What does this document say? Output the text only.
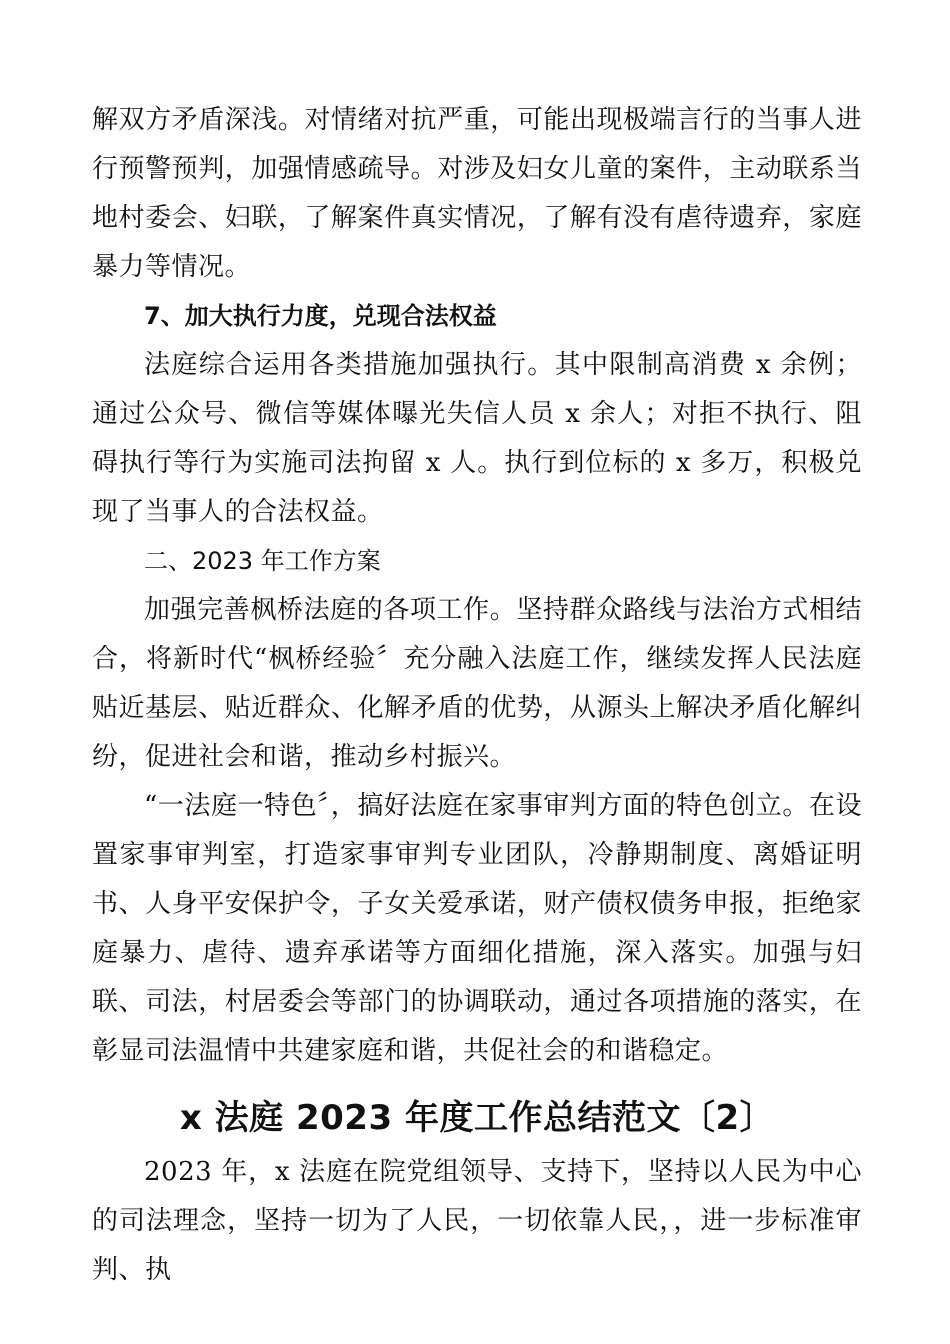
解双方矛盾深浅。对情绪对抗严重，可能出现极端言行的当事人进行预警预判，加强情感疏导。对涉及妇女儿童的案件，主动联系当地村委会、妇联，了解案件真实情况，了解有没有虐待遗弃，家庭暴力等情况。

7、加大执行力度，兑现合法权益

法庭综合运用各类措施加强执行。其中限制高消费 x 余例；通过公众号、微信等媒体曝光失信人员 x 余人；对拒不执行、阻碍执行等行为实施司法拘留 x 人。执行到位标的 x 多万，积极兑现了当事人的合法权益。

二、2023 年工作方案

加强完善枫桥法庭的各项工作。坚持群众路线与法治方式相结合，将新时代“枫桥经验〞充分融入法庭工作，继续发挥人民法庭贴近基层、贴近群众、化解矛盾的优势，从源头上解决矛盾化解纠纷，促进社会和谐，推动乡村振兴。

“一法庭一特色〞，搞好法庭在家事审判方面的特色创立。在设置家事审判室，打造家事审判专业团队，冷静期制度、离婚证明书、人身平安保护令，子女关爱承诺，财产债权债务申报，拒绝家庭暴力、虐待、遗弃承诺等方面细化措施，深入落实。加强与妇联、司法，村居委会等部门的协调联动，通过各项措施的落实，在彰显司法温情中共建家庭和谐，共促社会的和谐稳定。

x 法庭 2023 年度工作总结范文〔2〕

2023 年，x 法庭在院党组领导、支持下，坚持以人民为中心的司法理念，坚持一切为了人民，一切依靠人民，，进一步标准审判、执
